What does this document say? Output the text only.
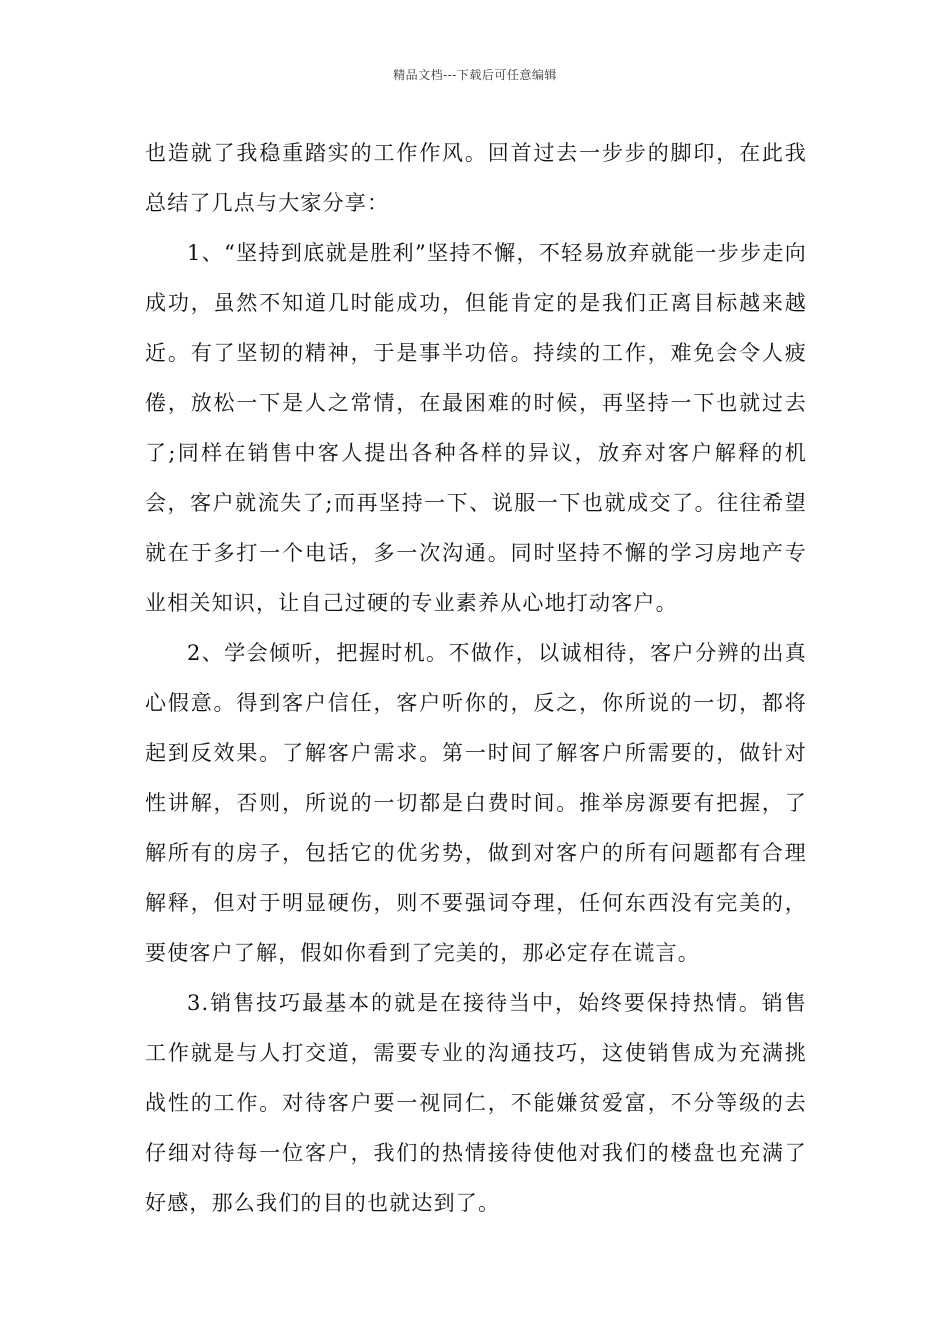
精品文档---下载后可任意编辑

也造就了我稳重踏实的工作作风。回首过去一步步的脚印，在此我总结了几点与大家分享：

1、“坚持到底就是胜利”坚持不懈，不轻易放弃就能一步步走向成功，虽然不知道几时能成功，但能肯定的是我们正离目标越来越近。有了坚韧的精神，于是事半功倍。持续的工作，难免会令人疲倦，放松一下是人之常情，在最困难的时候，再坚持一下也就过去了;同样在销售中客人提出各种各样的异议，放弃对客户解释的机会，客户就流失了;而再坚持一下、说服一下也就成交了。往往希望就在于多打一个电话，多一次沟通。同时坚持不懈的学习房地产专业相关知识，让自己过硬的专业素养从心地打动客户。

2、学会倾听，把握时机。不做作，以诚相待，客户分辨的出真心假意。得到客户信任，客户听你的，反之，你所说的一切，都将起到反效果。了解客户需求。第一时间了解客户所需要的，做针对性讲解，否则，所说的一切都是白费时间。推举房源要有把握，了解所有的房子，包括它的优劣势，做到对客户的所有问题都有合理解释，但对于明显硬伤，则不要强词夺理，任何东西没有完美的，要使客户了解，假如你看到了完美的，那必定存在谎言。

3.销售技巧最基本的就是在接待当中，始终要保持热情。销售工作就是与人打交道，需要专业的沟通技巧，这使销售成为充满挑战性的工作。对待客户要一视同仁，不能嫌贫爱富，不分等级的去仔细对待每一位客户，我们的热情接待使他对我们的楼盘也充满了好感，那么我们的目的也就达到了。
